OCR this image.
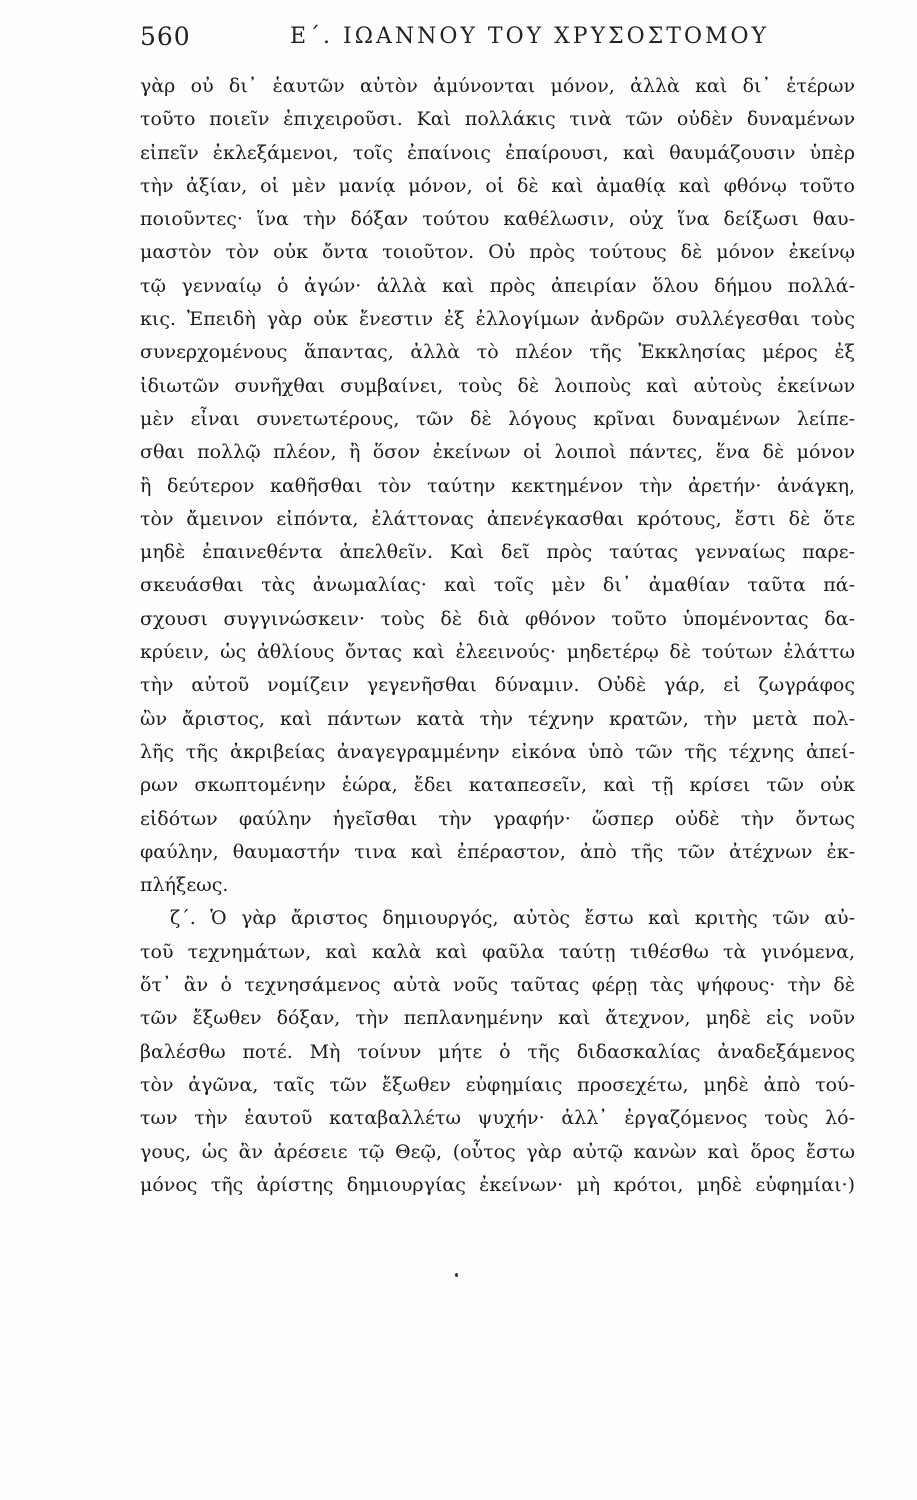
560	Ε΄. ΙΩΑΝΝΟΥ ΤΟΥ ΧΡΥΣΟΣΤΟΜΟΥ
γὰρ οὐ δι᾽ ἑαυτῶν αὐτὸν ἀμύνονται μόνον, ἀλλὰ καὶ δι᾽ ἑτέρων
τοῦτο ποιεῖν ἐπιχειροῦσι. Καὶ πολλάκις τινὰ τῶν οὐδὲν δυναμένων
εἰπεῖν ἐκλεξάμενοι, τοῖς ἐπαίνοις ἐπαίρουσι, καὶ θαυμάζουσιν ὑπὲρ
τὴν ἀξίαν, οἱ μὲν μανίᾳ μόνον, οἱ δὲ καὶ ἀμαθίᾳ καὶ φθόνῳ τοῦτο
ποιοῦντες· ἵνα τὴν δόξαν τούτου καθέλωσιν, οὐχ ἵνα δείξωσι θαυ-
μαστὸν τὸν οὐκ ὄντα τοιοῦτον. Οὐ πρὸς τούτους δὲ μόνον ἐκείνῳ
τῷ γενναίῳ ὁ ἀγών· ἀλλὰ καὶ πρὸς ἀπειρίαν ὅλου δήμου πολλά-
κις. Ἐπειδὴ γὰρ οὐκ ἔνεστιν ἐξ ἐλλογίμων ἀνδρῶν συλλέγεσθαι τοὺς
συνερχομένους ἅπαντας, ἀλλὰ τὸ πλέον τῆς Ἐκκλησίας μέρος ἐξ
ἰδιωτῶν συνῆχθαι συμβαίνει, τοὺς δὲ λοιποὺς καὶ αὐτοὺς ἐκείνων
μὲν εἶναι συνετωτέρους, τῶν δὲ λόγους κρῖναι δυναμένων λείπε-
σθαι πολλῷ πλέον, ἢ ὅσον ἐκείνων οἱ λοιποὶ πάντες, ἕνα δὲ μόνον
ἢ δεύτερον καθῆσθαι τὸν ταύτην κεκτημένον τὴν ἀρετήν· ἀνάγκη,
τὸν ἄμεινον εἰπόντα, ἐλάττονας ἀπενέγκασθαι κρότους, ἔστι δὲ ὅτε
μηδὲ ἐπαινεθέντα ἀπελθεῖν. Καὶ δεῖ πρὸς ταύτας γενναίως παρε-
σκευάσθαι τὰς ἀνωμαλίας· καὶ τοῖς μὲν δι᾽ ἀμαθίαν ταῦτα πά-
σχουσι συγγινώσκειν· τοὺς δὲ διὰ φθόνον τοῦτο ὑπομένοντας δα-
κρύειν, ὡς ἀθλίους ὄντας καὶ ἐλεεινούς· μηδετέρῳ δὲ τούτων ἐλάττω
τὴν αὐτοῦ νομίζειν γεγενῆσθαι δύναμιν. Οὐδὲ γάρ, εἰ ζωγράφος
ὢν ἄριστος, καὶ πάντων κατὰ τὴν τέχνην κρατῶν, τὴν μετὰ πολ-
λῆς τῆς ἀκριβείας ἀναγεγραμμένην εἰκόνα ὑπὸ τῶν τῆς τέχνης ἀπεί-
ρων σκωπτομένην ἑώρα, ἔδει καταπεσεῖν, καὶ τῇ κρίσει τῶν οὐκ
εἰδότων φαύλην ἡγεῖσθαι τὴν γραφήν· ὥσπερ οὐδὲ τὴν ὄντως
φαύλην, θαυμαστήν τινα καὶ ἐπέραστον, ἀπὸ τῆς τῶν ἀτέχνων ἐκ-
πλήξεως.
ζ΄. Ὁ γὰρ ἄριστος δημιουργός, αὐτὸς ἔστω καὶ κριτὴς τῶν αὐ-
τοῦ τεχνημάτων, καὶ καλὰ καὶ φαῦλα ταύτῃ τιθέσθω τὰ γινόμενα,
ὅτ᾽ ἂν ὁ τεχνησάμενος αὐτὰ νοῦς ταῦτας φέρῃ τὰς ψήφους· τὴν δὲ
τῶν ἔξωθεν δόξαν, τὴν πεπλανημένην καὶ ἄτεχνον, μηδὲ εἰς νοῦν
βαλέσθω ποτέ. Μὴ τοίνυν μήτε ὁ τῆς διδασκαλίας ἀναδεξάμενος
τὸν ἀγῶνα, ταῖς τῶν ἔξωθεν εὐφημίαις προσεχέτω, μηδὲ ἀπὸ τού-
των τὴν ἑαυτοῦ καταβαλλέτω ψυχήν· ἀλλ᾽ ἐργαζόμενος τοὺς λό-
γους, ὡς ἂν ἀρέσειε τῷ Θεῷ, (οὗτος γὰρ αὐτῷ κανὼν καὶ ὅρος ἔστω
μόνος τῆς ἀρίστης δημιουργίας ἐκείνων· μὴ κρότοι, μηδὲ εὐφημίαι·)
